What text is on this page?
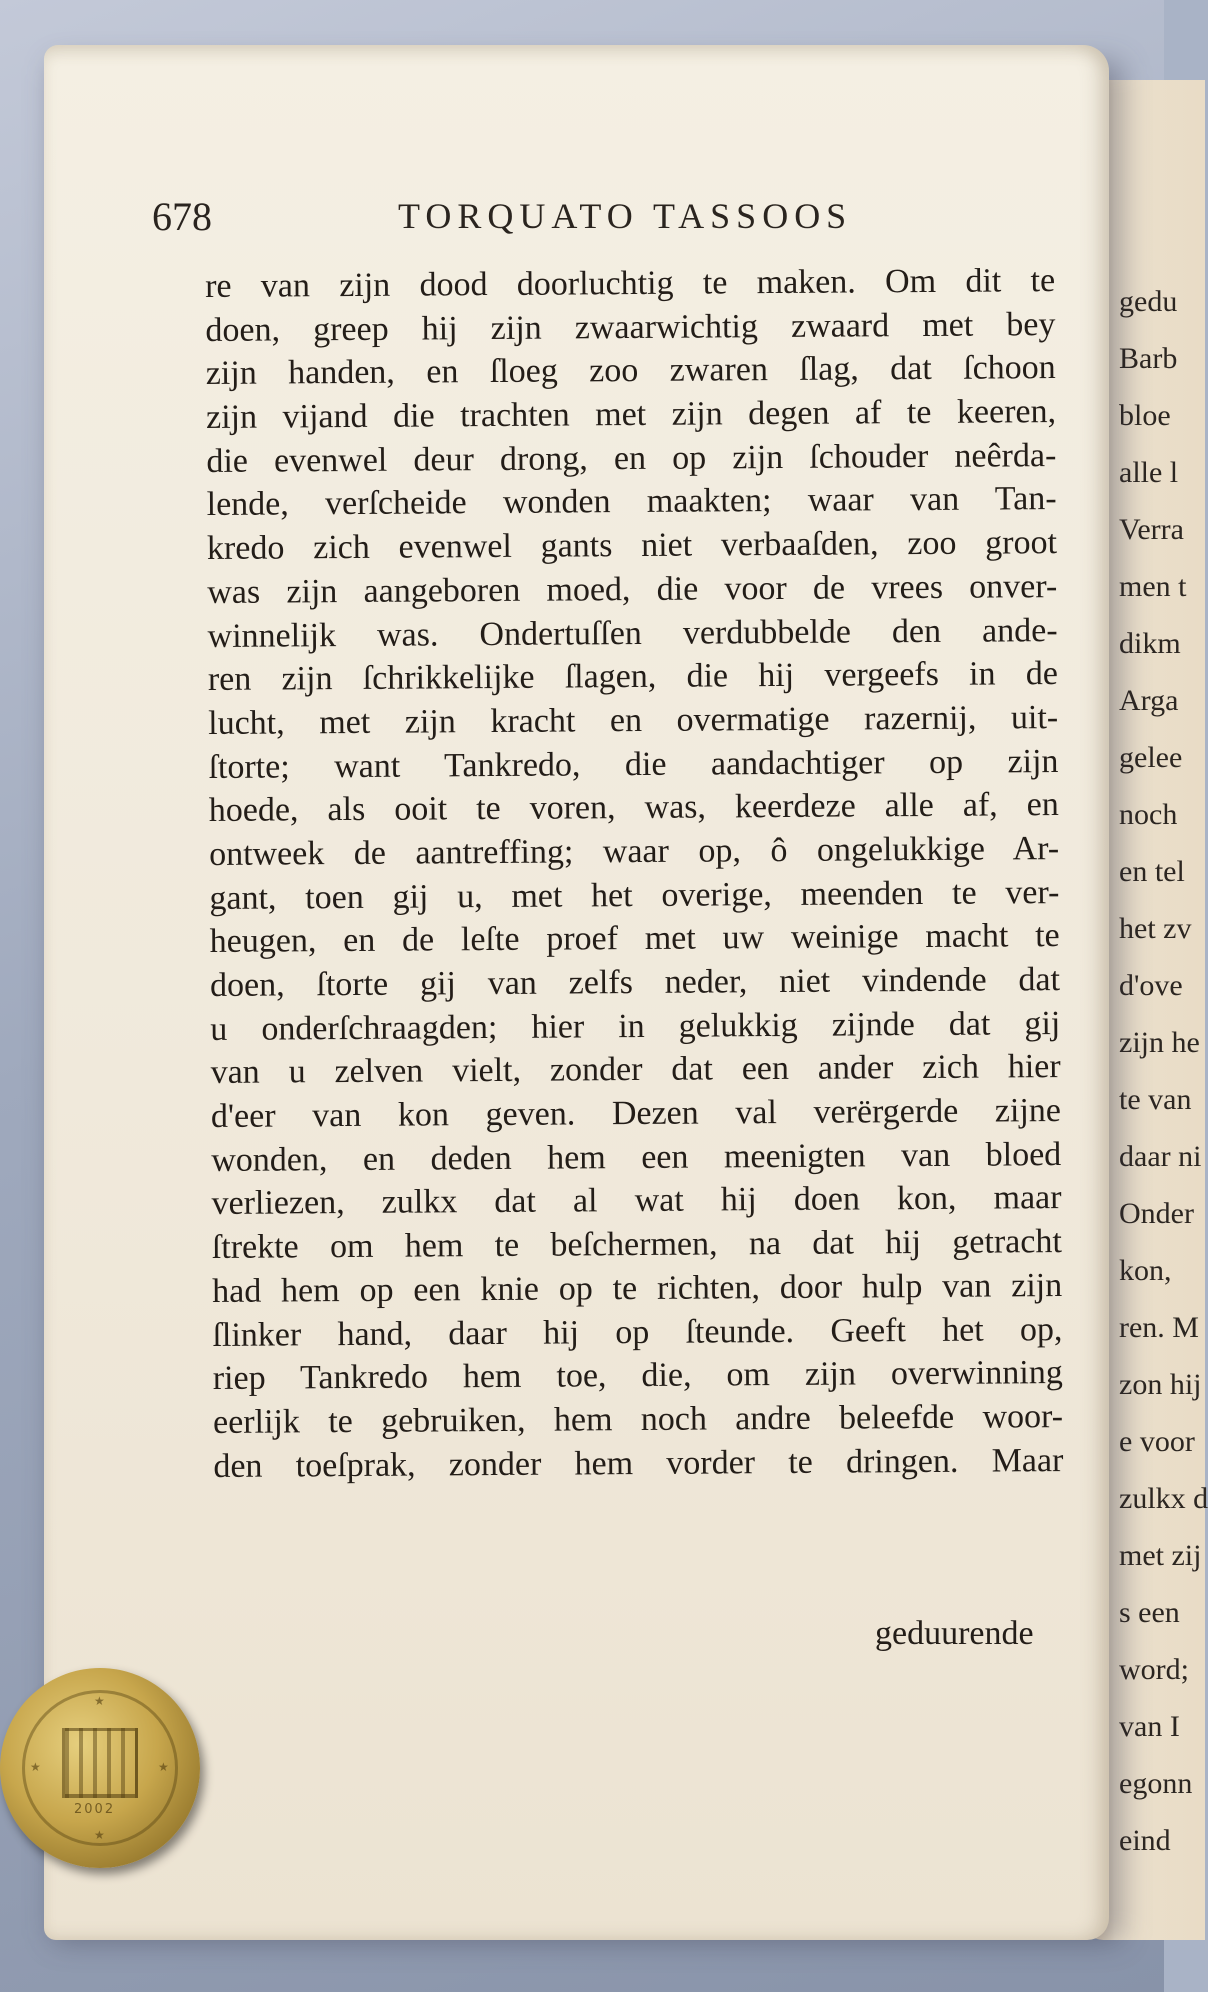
gedu
Barb
bloe
alle l
Verra
men t
dikm
Arga
gelee
noch
en tel
het zv
d'ove
zijn he
te van
daar ni
Onder
kon,
ren. M
zon hij
e voor
zulkx d
met zij
s een
word;
van I
egonn
eind
678	TORQUATO TASSOOS
re van zijn dood doorluchtig te maken. Om dit te
doen, greep hij zijn zwaarwichtig zwaard met bey
zijn handen, en ſloeg zoo zwaren ſlag, dat ſchoon
zijn vijand die trachten met zijn degen af te keeren,
die evenwel deur drong, en op zijn ſchouder neêrda-
lende, verſcheide wonden maakten; waar van Tan-
kredo zich evenwel gants niet verbaaſden, zoo groot
was zijn aangeboren moed, die voor de vrees onver-
winnelijk was. Ondertuſſen verdubbelde den ande-
ren zijn ſchrikkelijke ſlagen, die hij vergeefs in de
lucht, met zijn kracht en overmatige razernij, uit-
ſtorte; want Tankredo, die aandachtiger op zijn
hoede, als ooit te voren, was, keerdeze alle af, en
ontweek de aantreffing; waar op, ô ongelukkige Ar-
gant, toen gij u, met het overige, meenden te ver-
heugen, en de leſte proef met uw weinige macht te
doen, ſtorte gij van zelfs neder, niet vindende dat
u onderſchraagden; hier in gelukkig zijnde dat gij
van u zelven vielt, zonder dat een ander zich hier
d'eer van kon geven. Dezen val verërgerde zijne
wonden, en deden hem een meenigten van bloed
verliezen, zulkx dat al wat hij doen kon, maar
ſtrekte om hem te beſchermen, na dat hij getracht
had hem op een knie op te richten, door hulp van zijn
ſlinker hand, daar hij op ſteunde. Geeft het op,
riep Tankredo hem toe, die, om zijn overwinning
eerlijk te gebruiken, hem noch andre beleefde woor-
den toeſprak, zonder hem vorder te dringen. Maar
geduurende
★	★
★
★
2002
